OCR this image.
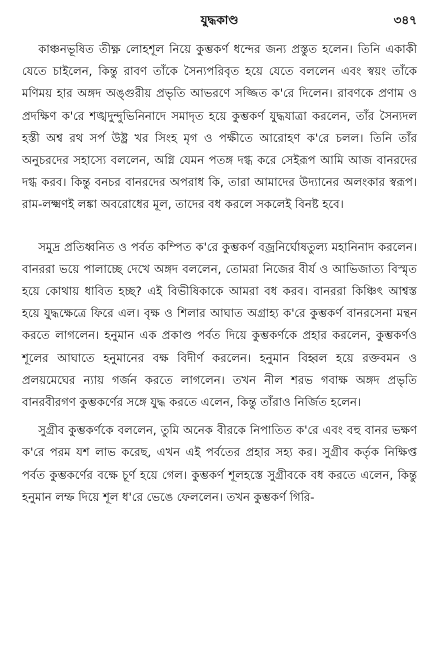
যুদ্ধকাণ্ড	৩৪৭

কাঞ্চনভূষিত তীক্ষ্ণ লোহশূল নিয়ে কুম্ভকর্ণ ধন্দের জন্য প্রস্তুত হলেন। তিনি একাকী যেতে চাইলেন, কিন্তু রাবণ তাঁকে সৈন্যপরিবৃত হয়ে যেতে বললেন এবং স্বয়ং তাঁকে মণিময় হার অঙ্গদ অঙ্গুরীয় প্রভৃতি আভরণে সজ্জিত ক'রে দিলেন। রাবণকে প্রণাম ও প্রদক্ষিণ ক'রে শঙ্খদুন্দুভিনিনাদে সমাদৃত হয়ে কুম্ভকর্ণ যুদ্ধযাত্রা করলেন, তাঁর সৈন্যদল হস্তী অশ্ব রথ সর্প উষ্ট্র খর সিংহ মৃগ ও পক্ষীতে আরোহণ ক'রে চলল। তিনি তাঁর অনুচরদের সহাস্যে বললেন, অগ্নি যেমন পতঙ্গ দগ্ধ করে সেইরূপ আমি আজ বানরদের দগ্ধ করব। কিন্তু বনচর বানরদের অপরাধ কি, তারা আমাদের উদ্যানের অলংকার স্বরূপ। রাম-লক্ষ্মণই লঙ্কা অবরোধের মূল, তাদের বধ করলে সকলেই বিনষ্ট হবে।

সমুদ্র প্রতিধ্বনিত ও পর্বত কম্পিত ক'রে কুম্ভকর্ণ বজ্রনির্ঘোষতুল্য মহানিনাদ করলেন। বানররা ভয়ে পালাচ্ছে দেখে অঙ্গদ বললেন, তোমরা নিজের বীর্য ও আভিজাত্য বিস্মৃত হয়ে কোথায় ধাবিত হচ্ছ? এই বিভীষিকাকে আমরা বধ করব। বানররা কিঞ্চিৎ আশ্বস্ত হয়ে যুদ্ধক্ষেত্রে ফিরে এল। বৃক্ষ ও শিলার আঘাত অগ্রাহ্য ক'রে কুম্ভকর্ণ বানরসেনা মন্থন করতে লাগলেন। হনুমান এক প্রকাণ্ড পর্বত দিয়ে কুম্ভকর্ণকে প্রহার করলেন, কুম্ভকর্ণও শূলের আঘাতে হনুমানের বক্ষ বিদীর্ণ করলেন। হনুমান বিহ্বল হয়ে রক্তবমন ও প্রলয়মেঘের ন্যায় গর্জন করতে লাগলেন। তখন নীল শরভ গবাক্ষ অঙ্গদ প্রভৃতি বানরবীরগণ কুম্ভকর্ণের সঙ্গে যুদ্ধ করতে এলেন, কিন্তু তাঁরাও নির্জিত হলেন।

সুগ্রীব কুম্ভকর্ণকে বললেন, তুমি অনেক বীরকে নিপাতিত ক'রে এবং বহু বানর ভক্ষণ ক'রে পরম যশ লাভ করেছ, এখন এই পর্বতের প্রহার সহ্য কর। সুগ্রীব কর্তৃক নিক্ষিপ্ত পর্বত কুম্ভকর্ণের বক্ষে চূর্ণ হয়ে গেল। কুম্ভকর্ণ শূলহস্তে সুগ্রীবকে বধ করতে এলেন, কিন্তু হনুমান লম্ফ দিয়ে শূল ধ'রে ভেঙে ফেললেন। তখন কুম্ভকর্ণ গিরি-
